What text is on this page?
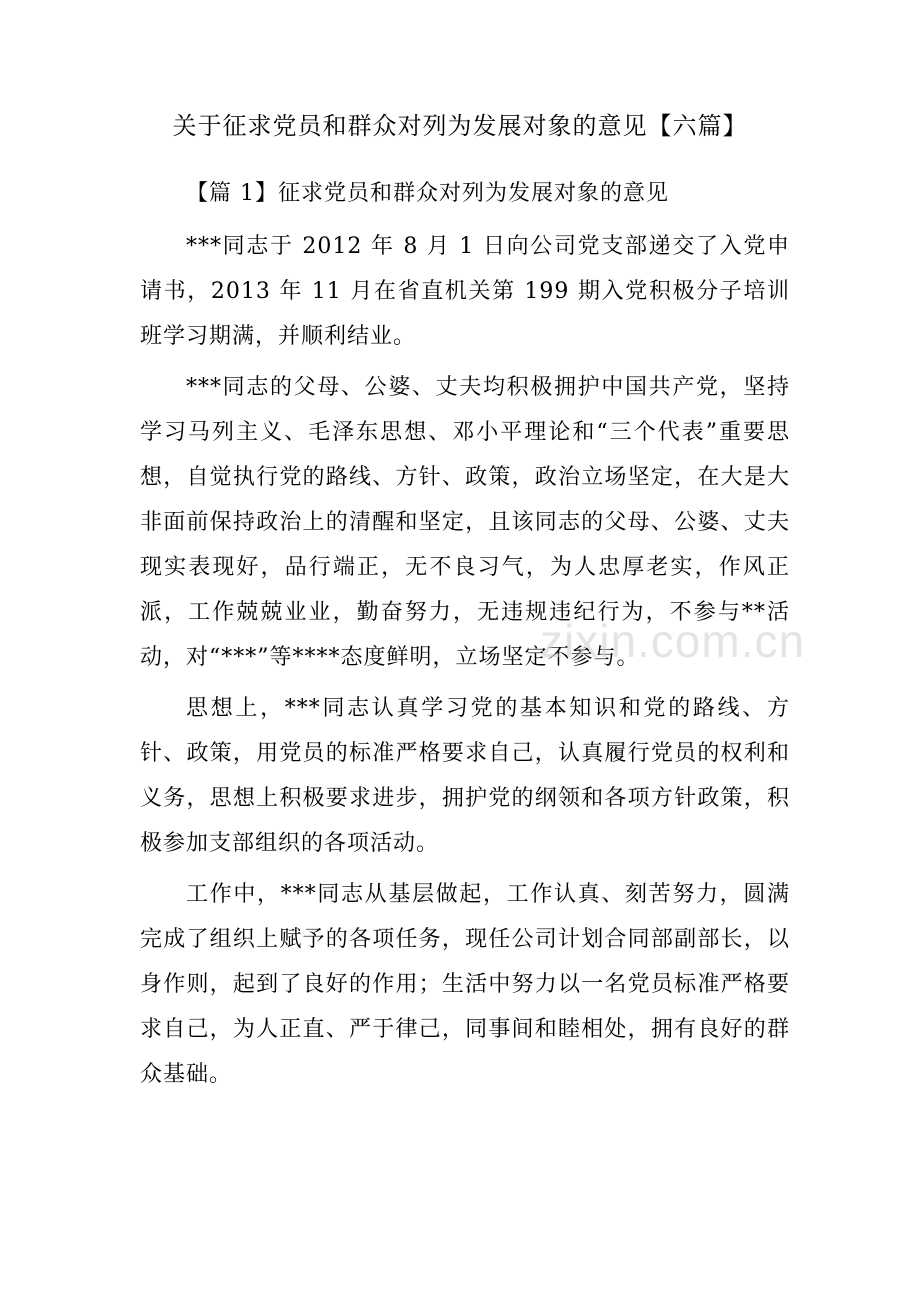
关于征求党员和群众对列为发展对象的意见【六篇】
【篇 1】征求党员和群众对列为发展对象的意见

***同志于 2012 年 8 月 1 日向公司党支部递交了入党申请书，2013 年 11 月在省直机关第 199 期入党积极分子培训班学习期满，并顺利结业。

***同志的父母、公婆、丈夫均积极拥护中国共产党，坚持学习马列主义、毛泽东思想、邓小平理论和“三个代表”重要思想，自觉执行党的路线、方针、政策，政治立场坚定，在大是大非面前保持政治上的清醒和坚定，且该同志的父母、公婆、丈夫现实表现好，品行端正，无不良习气，为人忠厚老实，作风正派，工作兢兢业业，勤奋努力，无违规违纪行为，不参与**活动，对“***”等****态度鲜明，立场坚定不参与。

思想上，***同志认真学习党的基本知识和党的路线、方针、政策，用党员的标准严格要求自己，认真履行党员的权利和义务，思想上积极要求进步，拥护党的纲领和各项方针政策，积极参加支部组织的各项活动。

工作中，***同志从基层做起，工作认真、刻苦努力，圆满完成了组织上赋予的各项任务，现任公司计划合同部副部长，以身作则，起到了良好的作用；生活中努力以一名党员标准严格要求自己，为人正直、严于律己，同事间和睦相处，拥有良好的群众基础。

zixin.com.cn
